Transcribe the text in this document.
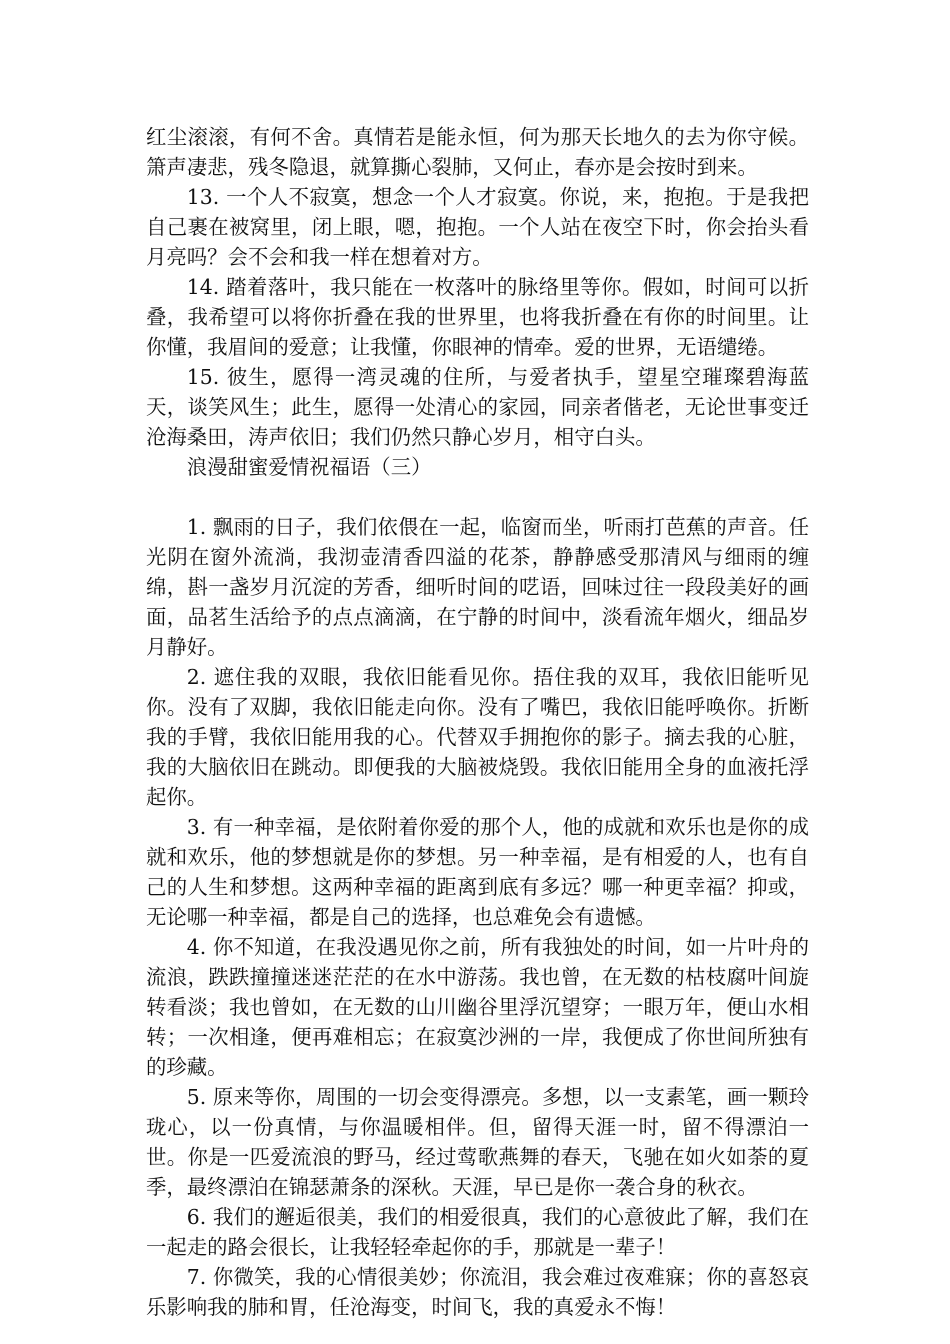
红尘滚滚，有何不舍。真情若是能永恒，何为那天长地久的去为你守候。箫声凄悲，残冬隐退，就算撕心裂肺，又何止，春亦是会按时到来。

13. 一个人不寂寞，想念一个人才寂寞。你说，来，抱抱。于是我把自己裹在被窝里，闭上眼，嗯，抱抱。一个人站在夜空下时，你会抬头看月亮吗？会不会和我一样在想着对方。

14. 踏着落叶，我只能在一枚落叶的脉络里等你。假如，时间可以折叠，我希望可以将你折叠在我的世界里，也将我折叠在有你的时间里。让你懂，我眉间的爱意；让我懂，你眼神的情牵。爱的世界，无语缱绻。

15. 彼生，愿得一湾灵魂的住所，与爱者执手，望星空璀璨碧海蓝天，谈笑风生；此生，愿得一处清心的家园，同亲者偕老，无论世事变迁沧海桑田，涛声依旧；我们仍然只静心岁月，相守白头。

浪漫甜蜜爱情祝福语（三）

1. 飘雨的日子，我们依偎在一起，临窗而坐，听雨打芭蕉的声音。任光阴在窗外流淌，我沏壶清香四溢的花茶，静静感受那清风与细雨的缠绵，斟一盏岁月沉淀的芳香，细听时间的呓语，回味过往一段段美好的画面，品茗生活给予的点点滴滴，在宁静的时间中，淡看流年烟火，细品岁月静好。

2. 遮住我的双眼，我依旧能看见你。捂住我的双耳，我依旧能听见你。没有了双脚，我依旧能走向你。没有了嘴巴，我依旧能呼唤你。折断我的手臂，我依旧能用我的心。代替双手拥抱你的影子。摘去我的心脏，我的大脑依旧在跳动。即便我的大脑被烧毁。我依旧能用全身的血液托浮起你。

3. 有一种幸福，是依附着你爱的那个人，他的成就和欢乐也是你的成就和欢乐，他的梦想就是你的梦想。另一种幸福，是有相爱的人，也有自己的人生和梦想。这两种幸福的距离到底有多远？哪一种更幸福？抑或，无论哪一种幸福，都是自己的选择，也总难免会有遗憾。

4. 你不知道，在我没遇见你之前，所有我独处的时间，如一片叶舟的流浪，跌跌撞撞迷迷茫茫的在水中游荡。我也曾，在无数的枯枝腐叶间旋转看淡；我也曾如，在无数的山川幽谷里浮沉望穿；一眼万年，便山水相转；一次相逢，便再难相忘；在寂寞沙洲的一岸，我便成了你世间所独有的珍藏。

5. 原来等你，周围的一切会变得漂亮。多想，以一支素笔，画一颗玲珑心，以一份真情，与你温暖相伴。但，留得天涯一时，留不得漂泊一世。你是一匹爱流浪的野马，经过莺歌燕舞的春天，飞驰在如火如荼的夏季，最终漂泊在锦瑟萧条的深秋。天涯，早已是你一袭合身的秋衣。

6. 我们的邂逅很美，我们的相爱很真，我们的心意彼此了解，我们在一起走的路会很长，让我轻轻牵起你的手，那就是一辈子！

7. 你微笑，我的心情很美妙；你流泪，我会难过夜难寐；你的喜怒哀乐影响我的肺和胃，任沧海变，时间飞，我的真爱永不悔！
